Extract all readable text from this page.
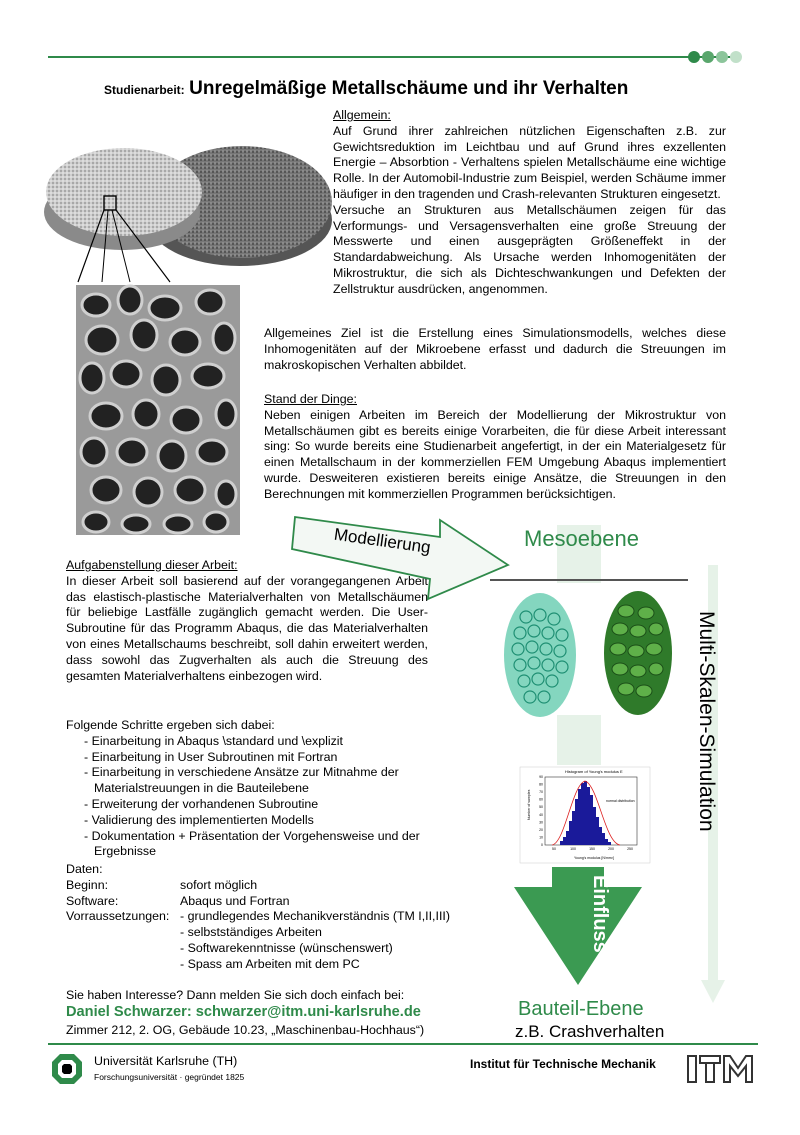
Studienarbeit: Unregelmäßige Metallschäume und ihr Verhalten
Allgemein:
Auf Grund ihrer zahlreichen nützlichen Eigenschaften z.B. zur Gewichtsreduktion im Leichtbau und auf Grund ihres exzellenten Energie – Absorbtion - Verhaltens spielen Metallschäume eine wichtige Rolle. In der Automobil-Industrie zum Beispiel, werden Schäume immer häufiger in den tragenden und Crash-relevanten Strukturen eingesetzt.
Versuche an Strukturen aus Metallschäumen zeigen für das Verformungs- und Versagensverhalten eine große Streuung der Messwerte und einen ausgeprägten Größeneffekt in der Standardabweichung. Als Ursache werden Inhomogenitäten der Mikrostruktur, die sich als Dichteschwankungen und Defekten der Zellstruktur ausdrücken, angenommen.
Allgemeines Ziel ist die Erstellung eines Simulationsmodells, welches diese Inhomogenitäten auf der Mikroebene erfasst und dadurch die Streuungen im makroskopischen Verhalten abbildet.
Stand der Dinge:
Neben einigen Arbeiten im Bereich der Modellierung der Mikrostruktur von Metallschäumen gibt es bereits einige Vorarbeiten, die für diese Arbeit interessant sing: So wurde bereits eine Studienarbeit angefertigt, in der ein Materialgesetz für einen Metallschaum in der kommerziellen FEM Umgebung Abaqus implementiert wurde. Desweiteren existieren bereits einige Ansätze, die Streuungen in den Berechnungen mit kommerziellen Programmen berücksichtigen.
Aufgabenstellung dieser Arbeit:
In dieser Arbeit soll basierend auf der vorangegangenen Arbeit das elastisch-plastische Materialverhalten von Metallschäumen für beliebige Lastfälle zugänglich gemacht werden. Die User-Subroutine für das Programm Abaqus, die das Materialverhalten von eines Metallschaums beschreibt, soll dahin erweitert werden, dass sowohl das Zugverhalten als auch die Streuung des gesamten Materialverhaltens einbezogen wird.
Folgende Schritte ergeben sich dabei:
- Einarbeitung in Abaqus \standard und \explizit
- Einarbeitung in User Subroutinen mit Fortran
- Einarbeitung in verschiedene Ansätze zur Mitnahme der Materialstreuungen in die Bauteilebene
- Erweiterung der vorhandenen Subroutine
- Validierung des implementierten Modells
- Dokumentation + Präsentation der Vorgehensweise und der Ergebnisse
Daten:
Beginn:	sofort möglich
Software:	Abaqus und Fortran
Vorraussetzungen: - grundlegendes Mechanikverständnis (TM I,II,III)
- selbstständiges Arbeiten
- Softwarekenntnisse (wünschenswert)
- Spass am Arbeiten mit dem PC
Sie haben Interesse? Dann melden Sie sich doch einfach bei:
Daniel Schwarzer: schwarzer@itm.uni-karlsruhe.de
Zimmer 212, 2. OG, Gebäude 10.23, „Maschinenbau-Hochhaus“)
Modellierung	Mesoebene
Histogram of Young's modulus E
Number of samples
Young's modulus [N/mm²]
normal distribution
0
10
20
30
40
50
60
70
80
90
50	100	150	200	250
Einfluss
Multi-Skalen-Simulation
Bauteil-Ebene
z.B. Crashverhalten
Universität Karlsruhe (TH)
Forschungsuniversität · gegründet 1825
Institut für Technische Mechanik
